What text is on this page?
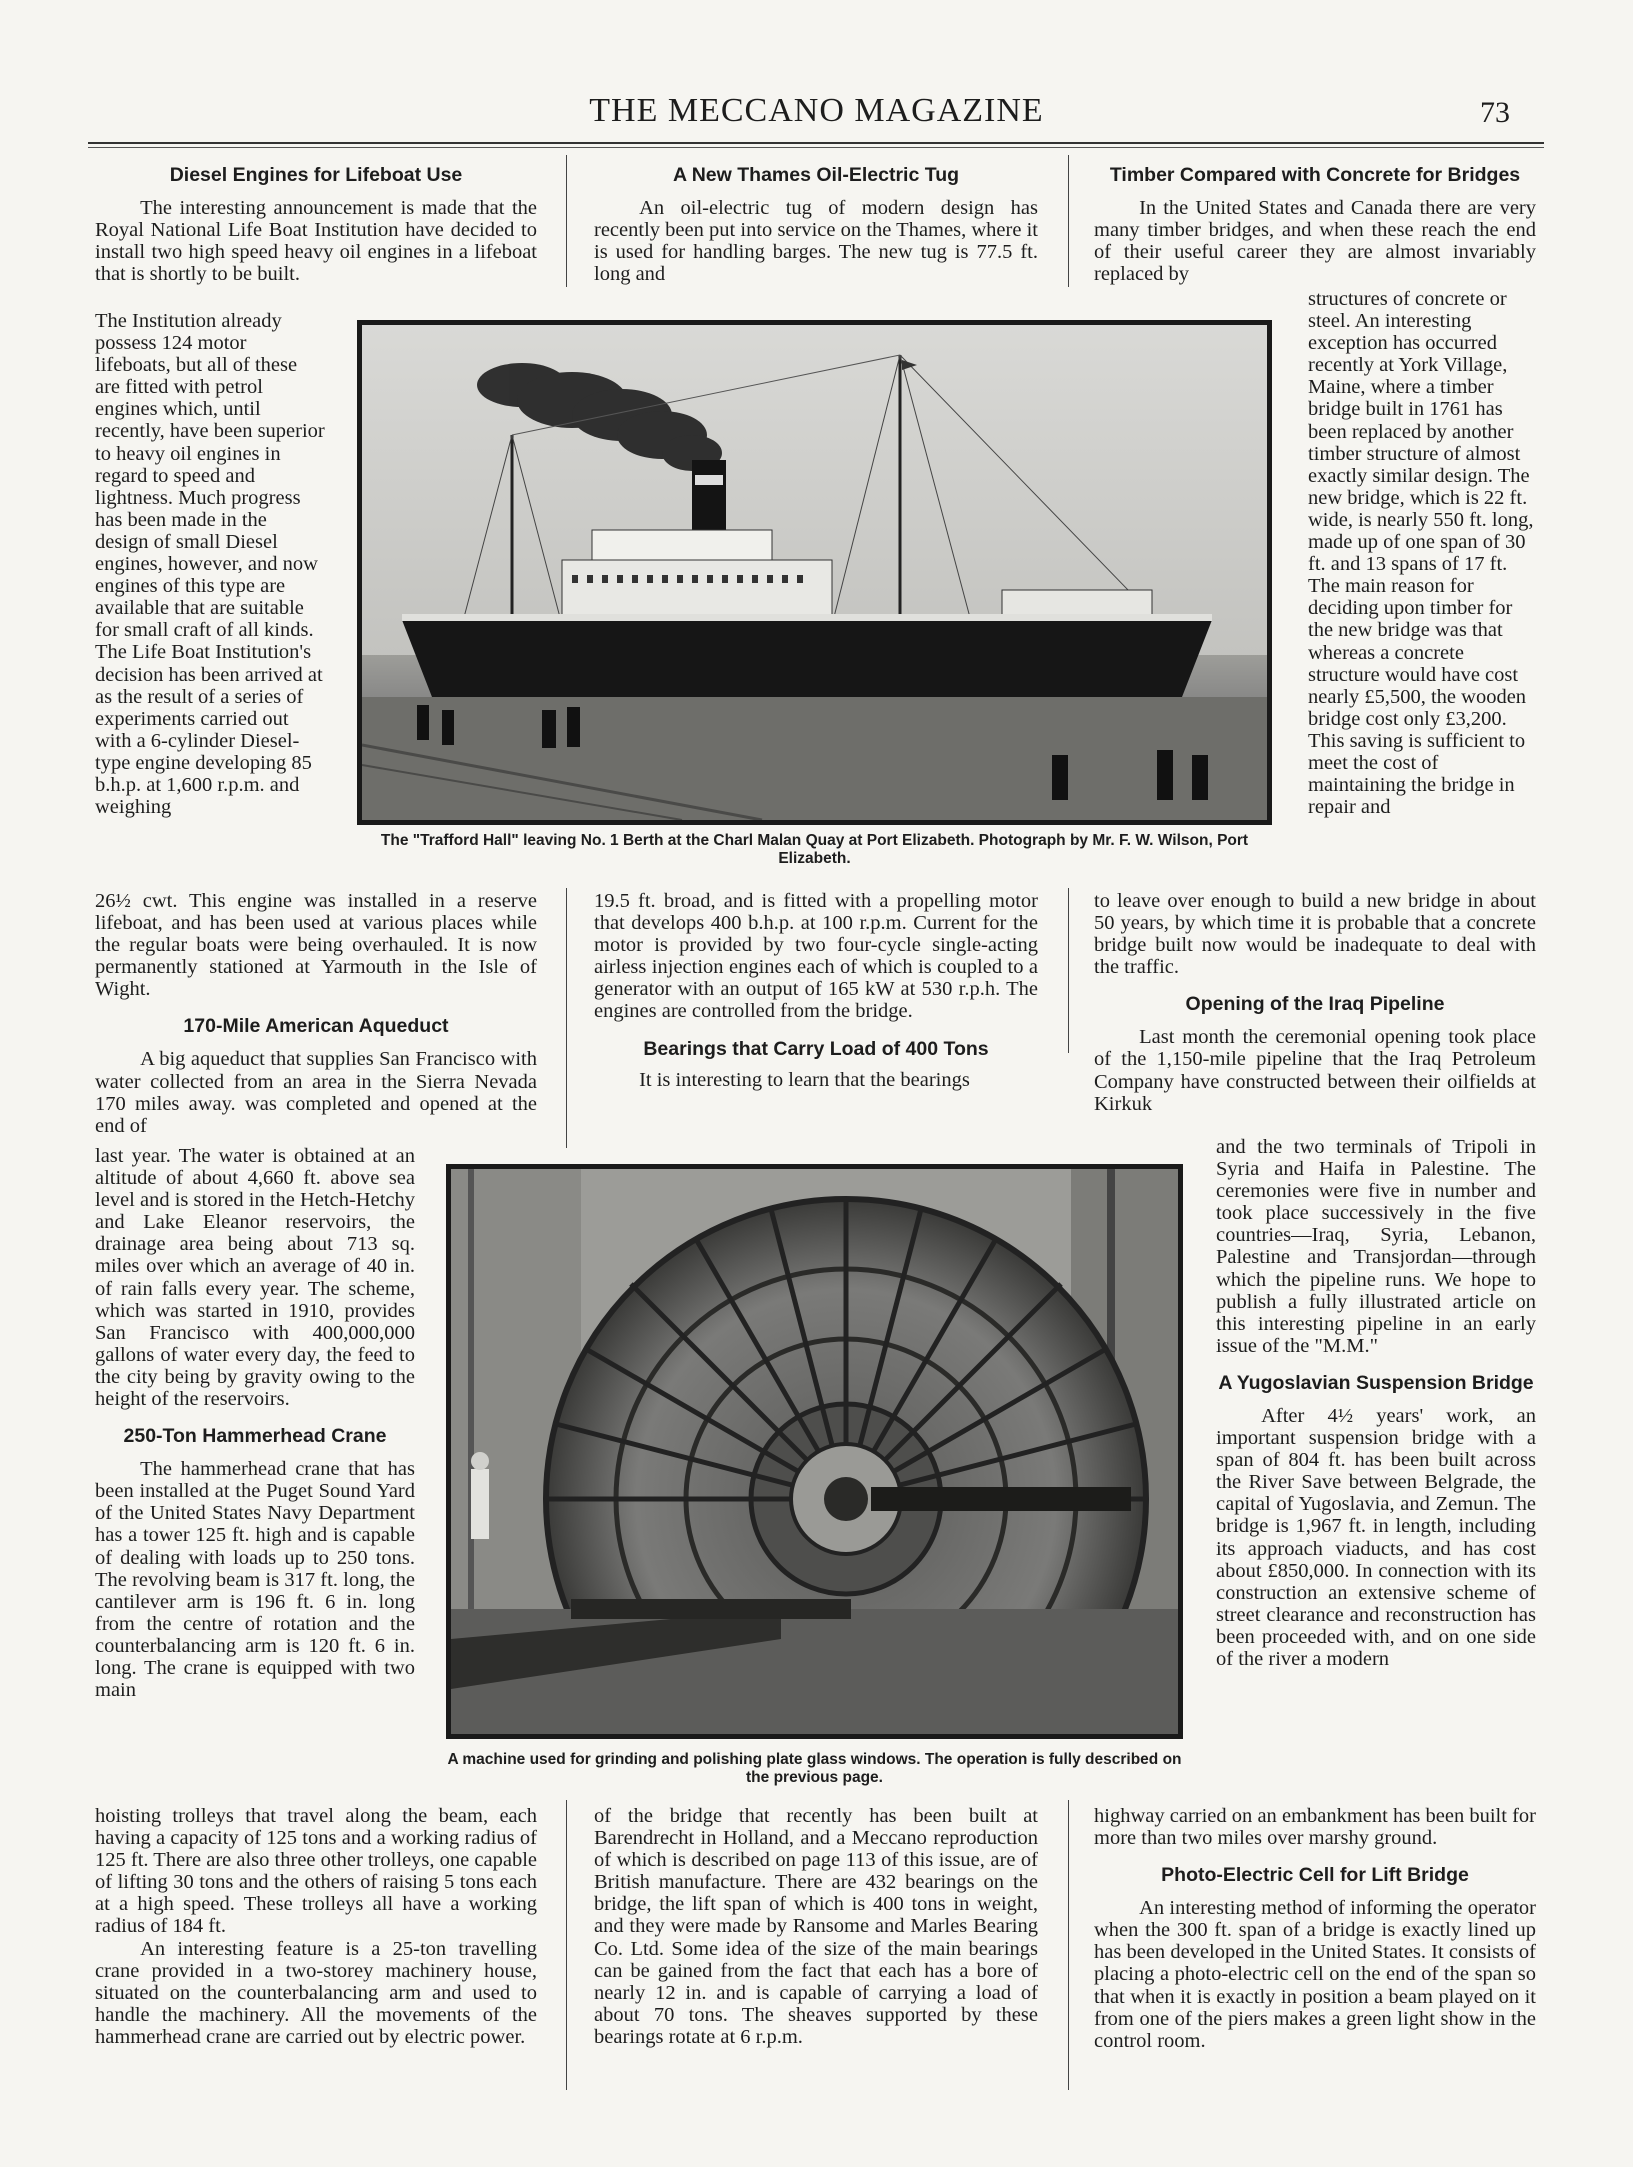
THE MECCANO MAGAZINE	73

Diesel Engines for Lifeboat Use

The interesting announcement is made that the Royal National Life Boat Institution have decided to install two high speed heavy oil engines in a lifeboat that is shortly to be built.

The Institution already possess 124 motor lifeboats, but all of these are fitted with petrol engines which, until recently, have been superior to heavy oil engines in regard to speed and lightness. Much progress has been made in the design of small Diesel engines, however, and now engines of this type are available that are suitable for small craft of all kinds. The Life Boat Institution's decision has been arrived at as the result of a series of experiments carried out with a 6-cylinder Diesel-type engine developing 85 b.h.p. at 1,600 r.p.m. and weighing

26½ cwt. This engine was installed in a reserve lifeboat, and has been used at various places while the regular boats were being overhauled. It is now permanently stationed at Yarmouth in the Isle of Wight.

170-Mile American Aqueduct

A big aqueduct that supplies San Francisco with water collected from an area in the Sierra Nevada 170 miles away. was completed and opened at the end of

last year. The water is obtained at an altitude of about 4,660 ft. above sea level and is stored in the Hetch-Hetchy and Lake Eleanor reservoirs, the drainage area being about 713 sq. miles over which an average of 40 in. of rain falls every year. The scheme, which was started in 1910, provides San Francisco with 400,000,000 gallons of water every day, the feed to the city being by gravity owing to the height of the reservoirs.

250-Ton Hammerhead Crane

The hammerhead crane that has been installed at the Puget Sound Yard of the United States Navy Department has a tower 125 ft. high and is capable of dealing with loads up to 250 tons. The revolving beam is 317 ft. long, the cantilever arm is 196 ft. 6 in. long from the centre of rotation and the counterbalancing arm is 120 ft. 6 in. long. The crane is equipped with two main

hoisting trolleys that travel along the beam, each having a capacity of 125 tons and a working radius of 125 ft. There are also three other trolleys, one capable of lifting 30 tons and the others of raising 5 tons each at a high speed. These trolleys all have a working radius of 184 ft.

An interesting feature is a 25-ton travelling crane provided in a two-storey machinery house, situated on the counterbalancing arm and used to handle the machinery. All the movements of the hammerhead crane are carried out by electric power.

A New Thames Oil-Electric Tug

An oil-electric tug of modern design has recently been put into service on the Thames, where it is used for handling barges. The new tug is 77.5 ft. long and

19.5 ft. broad, and is fitted with a propelling motor that develops 400 b.h.p. at 100 r.p.m. Current for the motor is provided by two four-cycle single-acting airless injection engines each of which is coupled to a generator with an output of 165 kW at 530 r.p.h. The engines are controlled from the bridge.

Bearings that Carry Load of 400 Tons

It is interesting to learn that the bearings

of the bridge that recently has been built at Barendrecht in Holland, and a Meccano reproduction of which is described on page 113 of this issue, are of British manufacture. There are 432 bearings on the bridge, the lift span of which is 400 tons in weight, and they were made by Ransome and Marles Bearing Co. Ltd. Some idea of the size of the main bearings can be gained from the fact that each has a bore of nearly 12 in. and is capable of carrying a load of about 70 tons. The sheaves supported by these bearings rotate at 6 r.p.m.

Timber Compared with Concrete for Bridges

In the United States and Canada there are very many timber bridges, and when these reach the end of their useful career they are almost invariably replaced by

structures of concrete or steel. An interesting exception has occurred recently at York Village, Maine, where a timber bridge built in 1761 has been replaced by another timber structure of almost exactly similar design. The new bridge, which is 22 ft. wide, is nearly 550 ft. long, made up of one span of 30 ft. and 13 spans of 17 ft. The main reason for deciding upon timber for the new bridge was that whereas a concrete structure would have cost nearly £5,500, the wooden bridge cost only £3,200. This saving is sufficient to meet the cost of maintaining the bridge in repair and

to leave over enough to build a new bridge in about 50 years, by which time it is probable that a concrete bridge built now would be inadequate to deal with the traffic.

Opening of the Iraq Pipeline

Last month the ceremonial opening took place of the 1,150-mile pipeline that the Iraq Petroleum Company have constructed between their oilfields at Kirkuk

and the two terminals of Tripoli in Syria and Haifa in Palestine. The ceremonies were five in number and took place successively in the five countries—Iraq, Syria, Lebanon, Palestine and Transjordan—through which the pipeline runs. We hope to publish a fully illustrated article on this interesting pipeline in an early issue of the "M.M."

A Yugoslavian Suspension Bridge

After 4½ years' work, an important suspension bridge with a span of 804 ft. has been built across the River Save between Belgrade, the capital of Yugoslavia, and Zemun. The bridge is 1,967 ft. in length, including its approach viaducts, and has cost about £850,000. In connection with its construction an extensive scheme of street clearance and reconstruction has been proceeded with, and on one side of the river a modern

highway carried on an embankment has been built for more than two miles over marshy ground.

Photo-Electric Cell for Lift Bridge

An interesting method of informing the operator when the 300 ft. span of a bridge is exactly lined up has been developed in the United States. It consists of placing a photo-electric cell on the end of the span so that when it is exactly in position a beam played on it from one of the piers makes a green light show in the control room.

The "Trafford Hall" leaving No. 1 Berth at the Charl Malan Quay at Port Elizabeth. Photograph by Mr. F. W. Wilson, Port Elizabeth.
A machine used for grinding and polishing plate glass windows. The operation is fully described on the previous page.
